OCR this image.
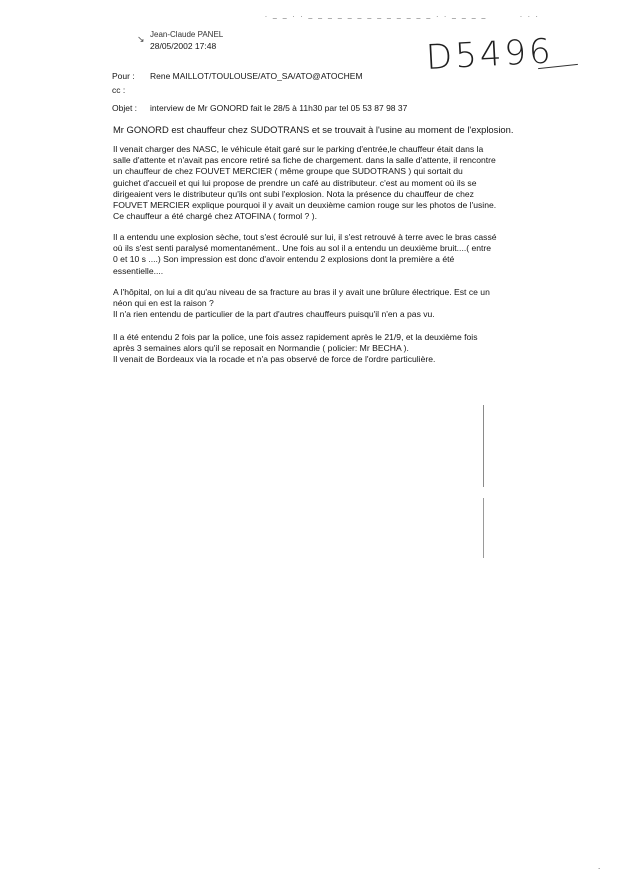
. _ _ . . _ _ _ _ _ _ _ _ _ _ _ _ _ . . _ _ _ _	. . .
↘ Jean-Claude PANEL
28/05/2002 17:48	D5496
Pour : Rene MAILLOT/TOULOUSE/ATO_SA/ATO@ATOCHEM
cc :
Objet : interview de Mr GONORD fait le 28/5 à 11h30 par tel 05 53 87 98 37
Mr GONORD est chauffeur chez SUDOTRANS et se trouvait à l'usine au moment de l'explosion.

Il venait charger des NASC, le véhicule était garé sur le parking d'entrée,le chauffeur était dans la
salle d'attente et n'avait pas encore retiré sa fiche de chargement. dans la salle d'attente, il rencontre
un chauffeur de chez FOUVET MERCIER ( même groupe que SUDOTRANS ) qui sortait du
guichet d'accueil et qui lui propose de prendre un café au distributeur. c'est au moment où ils se
dirigeaient vers le distributeur qu'ils ont subi l'explosion. Nota la présence du chauffeur de chez
FOUVET MERCIER explique pourquoi il y avait un deuxième camion rouge sur les photos de l'usine.
Ce chauffeur a été chargé chez ATOFINA ( formol ? ).

Il a entendu une explosion sèche, tout s'est écroulé sur lui, il s'est retrouvé à terre avec le bras cassé
où ils s'est senti paralysé momentanément.. Une fois au sol il a entendu un deuxième bruit....( entre
0 et 10 s ....) Son impression est donc d'avoir entendu 2 explosions dont la première a été
essentielle....

A l'hôpital, on lui a dit qu'au niveau de sa fracture au bras il y avait une brûlure électrique. Est ce un
néon qui en est la raison ?
Il n'a rien entendu de particulier de la part d'autres chauffeurs puisqu'il n'en a pas vu.

Il a été entendu 2 fois par la police, une fois assez rapidement après le 21/9, et la deuxième fois
après 3 semaines alors qu'il se reposait en Normandie ( policier: Mr BECHA ).
Il venait de Bordeaux via la rocade et n'a pas observé de force de l'ordre particulière.

.
